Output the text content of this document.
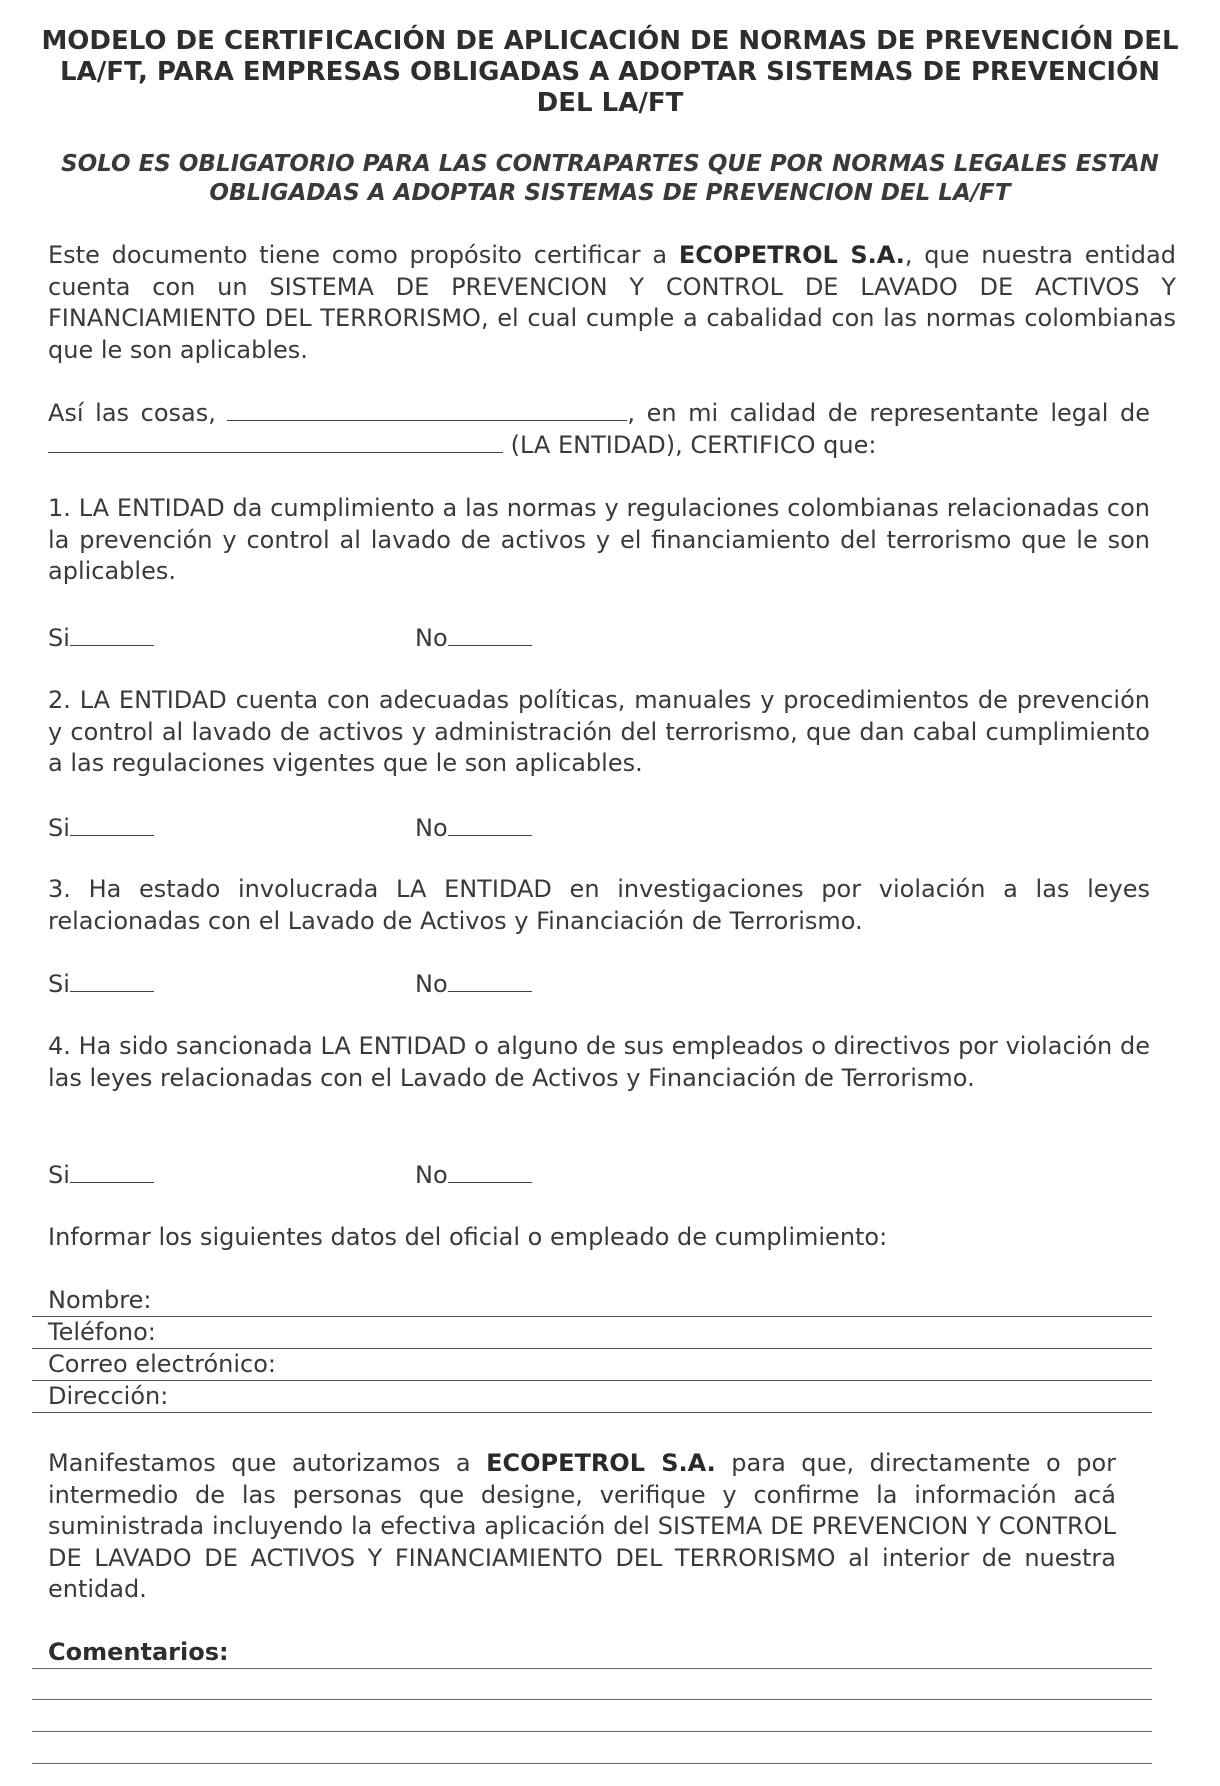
MODELO DE CERTIFICACIÓN DE APLICACIÓN DE NORMAS DE PREVENCIÓN DEL LA/FT, PARA EMPRESAS OBLIGADAS A ADOPTAR SISTEMAS DE PREVENCIÓN DEL LA/FT

SOLO ES OBLIGATORIO PARA LAS CONTRAPARTES QUE POR NORMAS LEGALES ESTAN OBLIGADAS A ADOPTAR SISTEMAS DE PREVENCION DEL LA/FT

Este documento tiene como propósito certificar a ECOPETROL S.A., que nuestra entidad cuenta con un SISTEMA DE PREVENCION Y CONTROL DE LAVADO DE ACTIVOS Y FINANCIAMIENTO DEL TERRORISMO, el cual cumple a cabalidad con las normas colombianas que le son aplicables.

Así las cosas,	, en mi calidad de representante legal de  (LA ENTIDAD), CERTIFICO que:

1. LA ENTIDAD da cumplimiento a las normas y regulaciones colombianas relacionadas con la prevención y control al lavado de activos y el financiamiento del terrorismo que le son aplicables.

Si	No

2. LA ENTIDAD cuenta con adecuadas políticas, manuales y procedimientos de prevención y control al lavado de activos y administración del terrorismo, que dan cabal cumplimiento a las regulaciones vigentes que le son aplicables.

Si	No

3. Ha estado involucrada LA ENTIDAD en investigaciones por violación a las leyes relacionadas con el Lavado de Activos y Financiación de Terrorismo.

Si	No

4. Ha sido sancionada LA ENTIDAD o alguno de sus empleados o directivos por violación de las leyes relacionadas con el Lavado de Activos y Financiación de Terrorismo.

Si	No

Informar los siguientes datos del oficial o empleado de cumplimiento:

Nombre:
Teléfono:
Correo electrónico:
Dirección:

Manifestamos que autorizamos a ECOPETROL S.A. para que, directamente o por intermedio de las personas que designe, verifique y confirme la información acá suministrada incluyendo la efectiva aplicación del SISTEMA DE PREVENCION Y CONTROL DE LAVADO DE ACTIVOS Y FINANCIAMIENTO DEL TERRORISMO al interior de nuestra entidad.

Comentarios:
